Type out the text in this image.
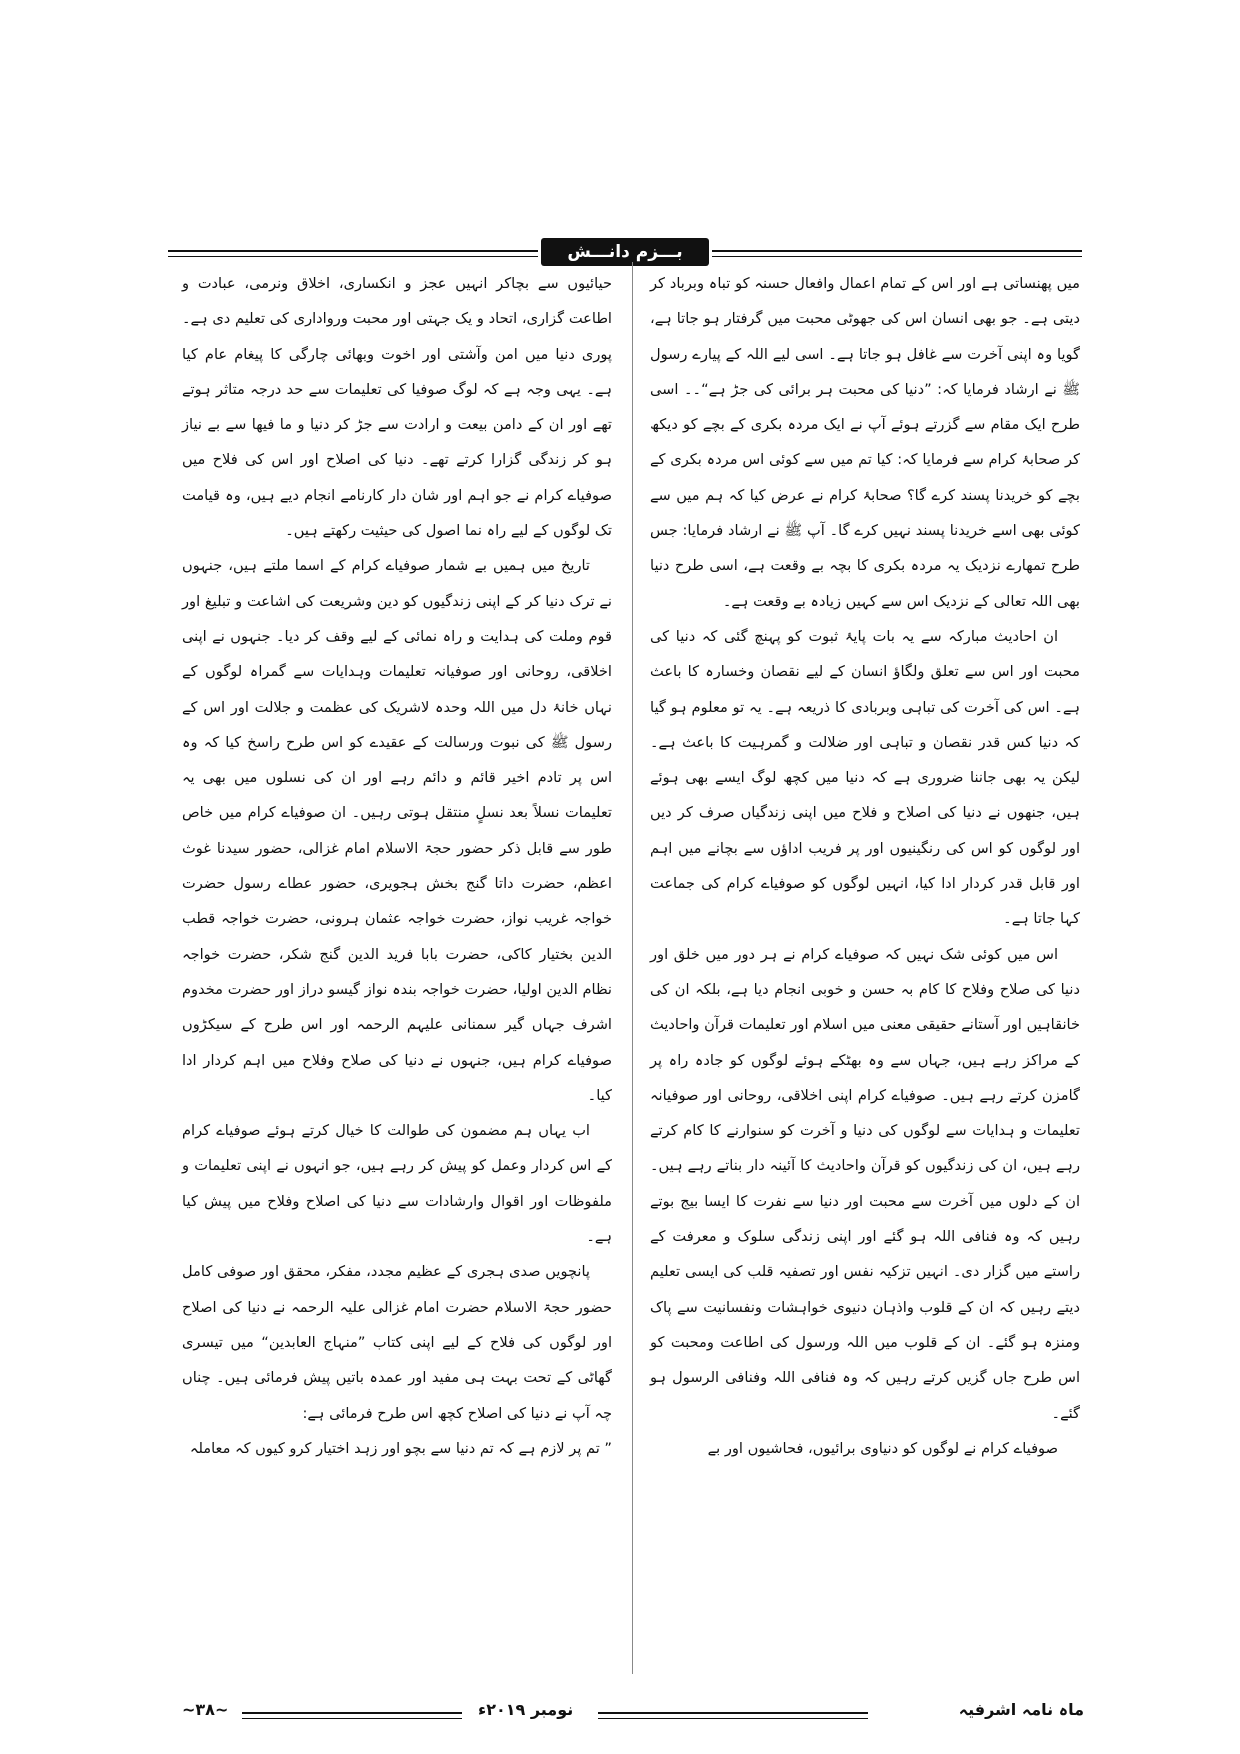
بـــزم دانـــش

میں پھنساتی ہے اور اس کے تمام اعمال وافعال حسنہ کو تباہ وبرباد کر دیتی ہے۔ جو بھی انسان اس کی جھوٹی محبت میں گرفتار ہو جاتا ہے، گویا وہ اپنی آخرت سے غافل ہو جاتا ہے۔ اسی لیے اللہ کے پیارے رسول ﷺ نے ارشاد فرمایا کہ: ”دنیا کی محبت ہر برائی کی جڑ ہے“۔۔ اسی طرح ایک مقام سے گزرتے ہوئے آپ نے ایک مردہ بکری کے بچے کو دیکھ کر صحابۂ کرام سے فرمایا کہ: کیا تم میں سے کوئی اس مردہ بکری کے بچے کو خریدنا پسند کرے گا؟ صحابۂ کرام نے عرض کیا کہ ہم میں سے کوئی بھی اسے خریدنا پسند نہیں کرے گا۔ آپ ﷺ نے ارشاد فرمایا: جس طرح تمھارے نزدیک یہ مردہ بکری کا بچہ بے وقعت ہے، اسی طرح دنیا بھی اللہ تعالی کے نزدیک اس سے کہیں زیادہ بے وقعت ہے۔

ان احادیث مبارکہ سے یہ بات پایۂ ثبوت کو پہنچ گئی کہ دنیا کی محبت اور اس سے تعلق ولگاؤ انسان کے لیے نقصان وخسارہ کا باعث ہے۔ اس کی آخرت کی تباہی وبربادی کا ذریعہ ہے۔ یہ تو معلوم ہو گیا کہ دنیا کس قدر نقصان و تباہی اور ضلالت و گمرہیت کا باعث ہے۔ لیکن یہ بھی جاننا ضروری ہے کہ دنیا میں کچھ لوگ ایسے بھی ہوئے ہیں، جنھوں نے دنیا کی اصلاح و فلاح میں اپنی زندگیاں صرف کر دیں اور لوگوں کو اس کی رنگینیوں اور پر فریب اداؤں سے بچانے میں اہم اور قابل قدر کردار ادا کیا، انہیں لوگوں کو صوفیاے کرام کی جماعت کہا جاتا ہے۔

اس میں کوئی شک نہیں کہ صوفیاے کرام نے ہر دور میں خلق اور دنیا کی صلاح وفلاح کا کام بہ حسن و خوبی انجام دیا ہے، بلکہ ان کی خانقاہیں اور آستانے حقیقی معنی میں اسلام اور تعلیمات قرآن واحادیث کے مراکز رہے ہیں، جہاں سے وہ بھٹکے ہوئے لوگوں کو جادہ راہ پر گامزن کرتے رہے ہیں۔ صوفیاے کرام اپنی اخلاقی، روحانی اور صوفیانہ تعلیمات و ہدایات سے لوگوں کی دنیا و آخرت کو سنوارنے کا کام کرتے رہے ہیں، ان کی زندگیوں کو قرآن واحادیث کا آئینہ دار بناتے رہے ہیں۔ ان کے دلوں میں آخرت سے محبت اور دنیا سے نفرت کا ایسا بیج بوتے رہیں کہ وہ فنافی اللہ ہو گئے اور اپنی زندگی سلوک و معرفت کے راستے میں گزار دی۔ انہیں تزکیہ نفس اور تصفیہ قلب کی ایسی تعلیم دیتے رہیں کہ ان کے قلوب واذہان دنیوی خواہشات ونفسانیت سے پاک ومنزہ ہو گئے۔ ان کے قلوب میں اللہ ورسول کی اطاعت ومحبت کو اس طرح جاں گزیں کرتے رہیں کہ وہ فنافی اللہ وفنافی الرسول ہو گئے۔

صوفیاے کرام نے لوگوں کو دنیاوی برائیوں، فحاشیوں اور بے

حیائیوں سے بچاکر انہیں عجز و انکساری، اخلاق ونرمی، عبادت و اطاعت گزاری، اتحاد و یک جہتی اور محبت ورواداری کی تعلیم دی ہے۔ پوری دنیا میں امن وآشتی اور اخوت وبھائی چارگی کا پیغام عام کیا ہے۔ یہی وجہ ہے کہ لوگ صوفیا کی تعلیمات سے حد درجہ متاثر ہوتے تھے اور ان کے دامن بیعت و ارادت سے جڑ کر دنیا و ما فیھا سے بے نیاز ہو کر زندگی گزارا کرتے تھے۔ دنیا کی اصلاح اور اس کی فلاح میں صوفیاے کرام نے جو اہم اور شان دار کارنامے انجام دیے ہیں، وہ قیامت تک لوگوں کے لیے راہ نما اصول کی حیثیت رکھتے ہیں۔

تاریخ میں ہمیں بے شمار صوفیاے کرام کے اسما ملتے ہیں، جنہوں نے ترک دنیا کر کے اپنی زندگیوں کو دین وشریعت کی اشاعت و تبلیغ اور قوم وملت کی ہدایت و راہ نمائی کے لیے وقف کر دیا۔ جنہوں نے اپنی اخلاقی، روحانی اور صوفیانہ تعلیمات وہدایات سے گمراہ لوگوں کے نہاں خانۂ دل میں اللہ وحدہ لاشریک کی عظمت و جلالت اور اس کے رسول ﷺ کی نبوت ورسالت کے عقیدے کو اس طرح راسخ کیا کہ وہ اس پر تادم اخیر قائم و دائم رہے اور ان کی نسلوں میں بھی یہ تعلیمات نسلاً بعد نسلٍ منتقل ہوتی رہیں۔ ان صوفیاے کرام میں خاص طور سے قابل ذکر حضور حجۃ الاسلام امام غزالی، حضور سیدنا غوث اعظم، حضرت داتا گنج بخش ہجویری، حضور عطاے رسول حضرت خواجہ غریب نواز، حضرت خواجہ عثمان ہرونی، حضرت خواجہ قطب الدین بختیار کاکی، حضرت بابا فرید الدین گنج شکر، حضرت خواجہ نظام الدین اولیا، حضرت خواجہ بندہ نواز گیسو دراز اور حضرت مخدوم اشرف جہاں گیر سمنانی علیہم الرحمہ اور اس طرح کے سیکڑوں صوفیاے کرام ہیں، جنہوں نے دنیا کی صلاح وفلاح میں اہم کردار ادا کیا۔

اب یہاں ہم مضمون کی طوالت کا خیال کرتے ہوئے صوفیاے کرام کے اس کردار وعمل کو پیش کر رہے ہیں، جو انہوں نے اپنی تعلیمات و ملفوظات اور اقوال وارشادات سے دنیا کی اصلاح وفلاح میں پیش کیا ہے۔

پانچویں صدی ہجری کے عظیم مجدد، مفکر، محقق اور صوفی کامل حضور حجۃ الاسلام حضرت امام غزالی علیہ الرحمہ نے دنیا کی اصلاح اور لوگوں کی فلاح کے لیے اپنی کتاب ”منہاج العابدین“ میں تیسری گھاٹی کے تحت بہت ہی مفید اور عمدہ باتیں پیش فرمائی ہیں۔ چناں چہ آپ نے دنیا کی اصلاح کچھ اس طرح فرمائی ہے:

” تم پر لازم ہے کہ تم دنیا سے بچو اور زہد اختیار کرو کیوں کہ معاملہ

ماہ نامہ اشرفیہ
نومبر ۲۰۱۹ء
~۳۸~
